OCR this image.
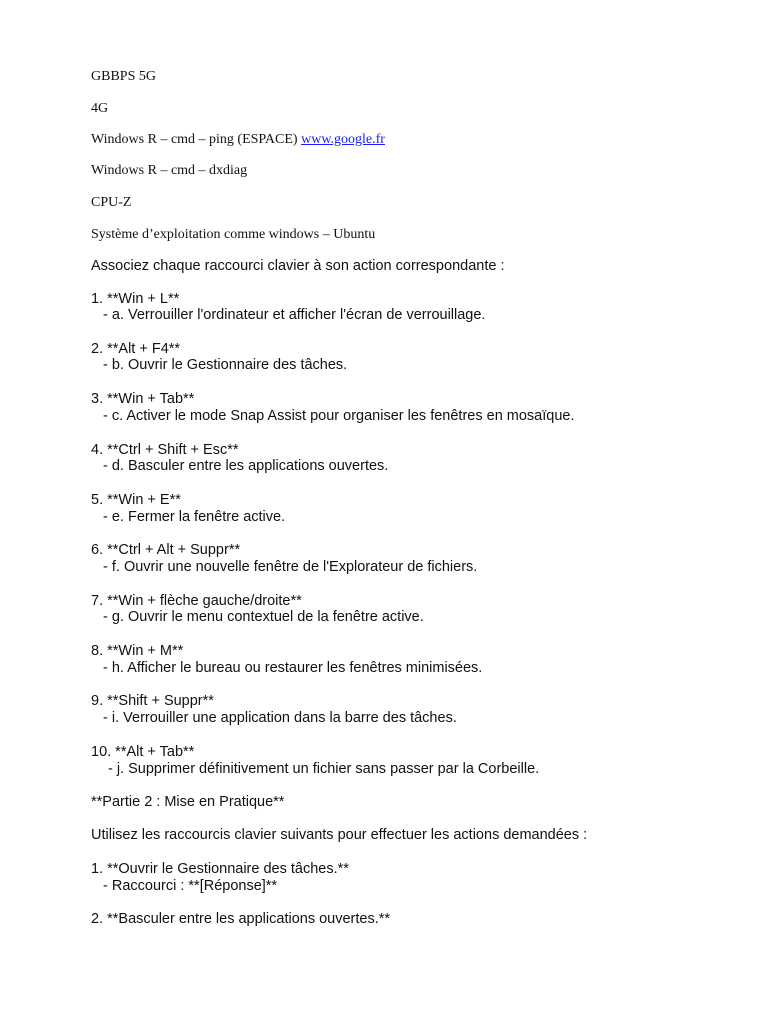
GBBPS 5G
4G
Windows R – cmd – ping (ESPACE) www.google.fr
Windows R – cmd – dxdiag
CPU-Z
Système d’exploitation comme windows – Ubuntu
Associez chaque raccourci clavier à son action correspondante :
1. **Win + L**
- a. Verrouiller l'ordinateur et afficher l'écran de verrouillage.
2. **Alt + F4**
- b. Ouvrir le Gestionnaire des tâches.
3. **Win + Tab**
- c. Activer le mode Snap Assist pour organiser les fenêtres en mosaïque.
4. **Ctrl + Shift + Esc**
- d. Basculer entre les applications ouvertes.
5. **Win + E**
- e. Fermer la fenêtre active.
6. **Ctrl + Alt + Suppr**
- f. Ouvrir une nouvelle fenêtre de l'Explorateur de fichiers.
7. **Win + flèche gauche/droite**
- g. Ouvrir le menu contextuel de la fenêtre active.
8. **Win + M**
- h. Afficher le bureau ou restaurer les fenêtres minimisées.
9. **Shift + Suppr**
- i. Verrouiller une application dans la barre des tâches.
10. **Alt + Tab**
- j. Supprimer définitivement un fichier sans passer par la Corbeille.
**Partie 2 : Mise en Pratique**
Utilisez les raccourcis clavier suivants pour effectuer les actions demandées :
1. **Ouvrir le Gestionnaire des tâches.**
- Raccourci : **[Réponse]**
2. **Basculer entre les applications ouvertes.**
